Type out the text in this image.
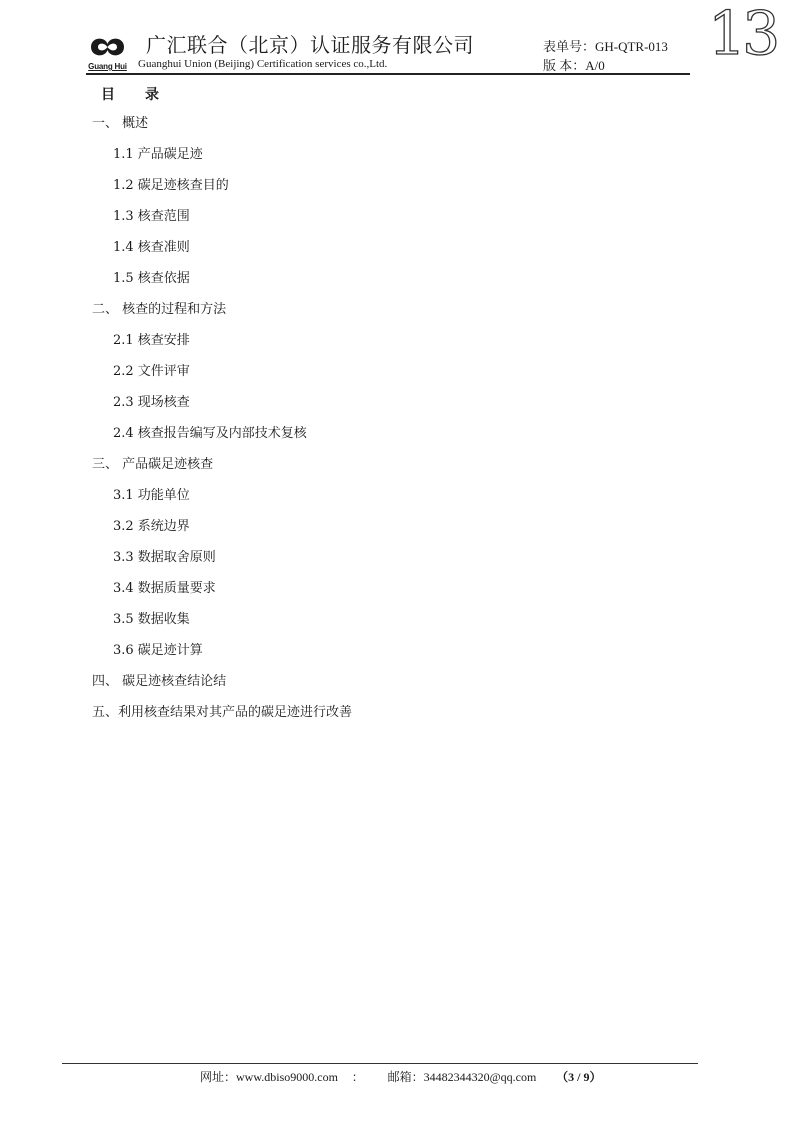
Guang Hui
广汇联合（北京）认证服务有限公司
Guanghui Union (Beijing) Certification services co.,Ltd.
表单号：GH-QTR-013
版 本：A/0 13
目 录
一、 概述
1.1 产品碳足迹
1.2 碳足迹核查目的
1.3 核查范围
1.4 核查准则
1.5 核查依据
二、 核查的过程和方法
2.1 核查安排
2.2 文件评审
2.3 现场核查
2.4 核查报告编写及内部技术复核
三、 产品碳足迹核查
3.1 功能单位
3.2 系统边界
3.3 数据取舍原则
3.4 数据质量要求
3.5 数据收集
3.6 碳足迹计算
四、 碳足迹核查结论结
五、利用核查结果对其产品的碳足迹进行改善
网址：www.dbiso9000.com ： 邮箱：34482344320@qq.com （3 / 9）
